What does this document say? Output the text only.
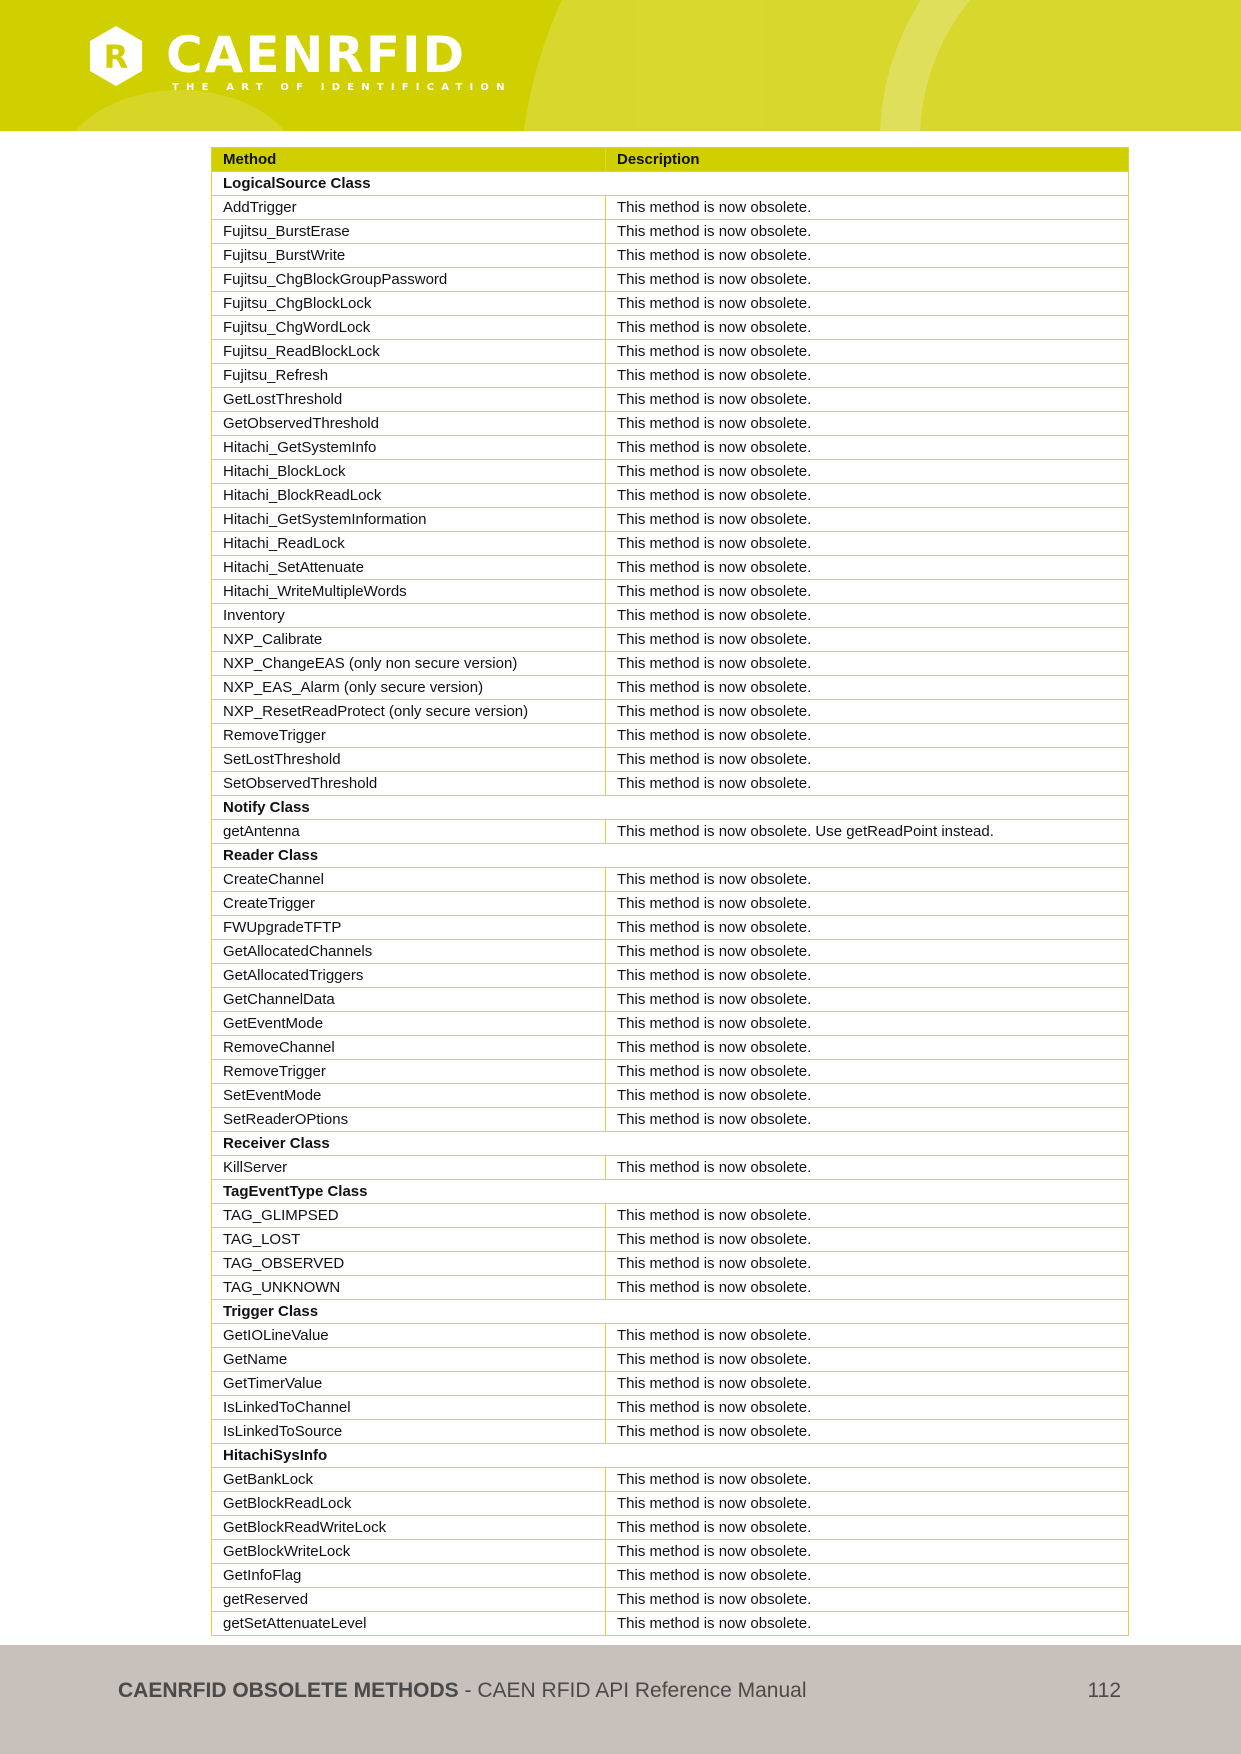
R CAENRFID
THE ART OF IDENTIFICATION
Method	Description
LogicalSource Class	
AddTrigger	This method is now obsolete.
Fujitsu_BurstErase	This method is now obsolete.
Fujitsu_BurstWrite	This method is now obsolete.
Fujitsu_ChgBlockGroupPassword	This method is now obsolete.
Fujitsu_ChgBlockLock	This method is now obsolete.
Fujitsu_ChgWordLock	This method is now obsolete.
Fujitsu_ReadBlockLock	This method is now obsolete.
Fujitsu_Refresh	This method is now obsolete.
GetLostThreshold	This method is now obsolete.
GetObservedThreshold	This method is now obsolete.
Hitachi_GetSystemInfo	This method is now obsolete.
Hitachi_BlockLock	This method is now obsolete.
Hitachi_BlockReadLock	This method is now obsolete.
Hitachi_GetSystemInformation	This method is now obsolete.
Hitachi_ReadLock	This method is now obsolete.
Hitachi_SetAttenuate	This method is now obsolete.
Hitachi_WriteMultipleWords	This method is now obsolete.
Inventory	This method is now obsolete.
NXP_Calibrate	This method is now obsolete.
NXP_ChangeEAS (only non secure version)	This method is now obsolete.
NXP_EAS_Alarm (only secure version)	This method is now obsolete.
NXP_ResetReadProtect (only secure version)	This method is now obsolete.
RemoveTrigger	This method is now obsolete.
SetLostThreshold	This method is now obsolete.
SetObservedThreshold	This method is now obsolete.
Notify Class	
getAntenna	This method is now obsolete. Use getReadPoint instead.
Reader Class	
CreateChannel	This method is now obsolete.
CreateTrigger	This method is now obsolete.
FWUpgradeTFTP	This method is now obsolete.
GetAllocatedChannels	This method is now obsolete.
GetAllocatedTriggers	This method is now obsolete.
GetChannelData	This method is now obsolete.
GetEventMode	This method is now obsolete.
RemoveChannel	This method is now obsolete.
RemoveTrigger	This method is now obsolete.
SetEventMode	This method is now obsolete.
SetReaderOPtions	This method is now obsolete.
Receiver Class	
KillServer	This method is now obsolete.
TagEventType Class	
TAG_GLIMPSED	This method is now obsolete.
TAG_LOST	This method is now obsolete.
TAG_OBSERVED	This method is now obsolete.
TAG_UNKNOWN	This method is now obsolete.
Trigger Class	
GetIOLineValue	This method is now obsolete.
GetName	This method is now obsolete.
GetTimerValue	This method is now obsolete.
IsLinkedToChannel	This method is now obsolete.
IsLinkedToSource	This method is now obsolete.
HitachiSysInfo	
GetBankLock	This method is now obsolete.
GetBlockReadLock	This method is now obsolete.
GetBlockReadWriteLock	This method is now obsolete.
GetBlockWriteLock	This method is now obsolete.
GetInfoFlag	This method is now obsolete.
getReserved	This method is now obsolete.
getSetAttenuateLevel	This method is now obsolete.
CAENRFID OBSOLETE METHODS - CAEN RFID API Reference Manual	112
